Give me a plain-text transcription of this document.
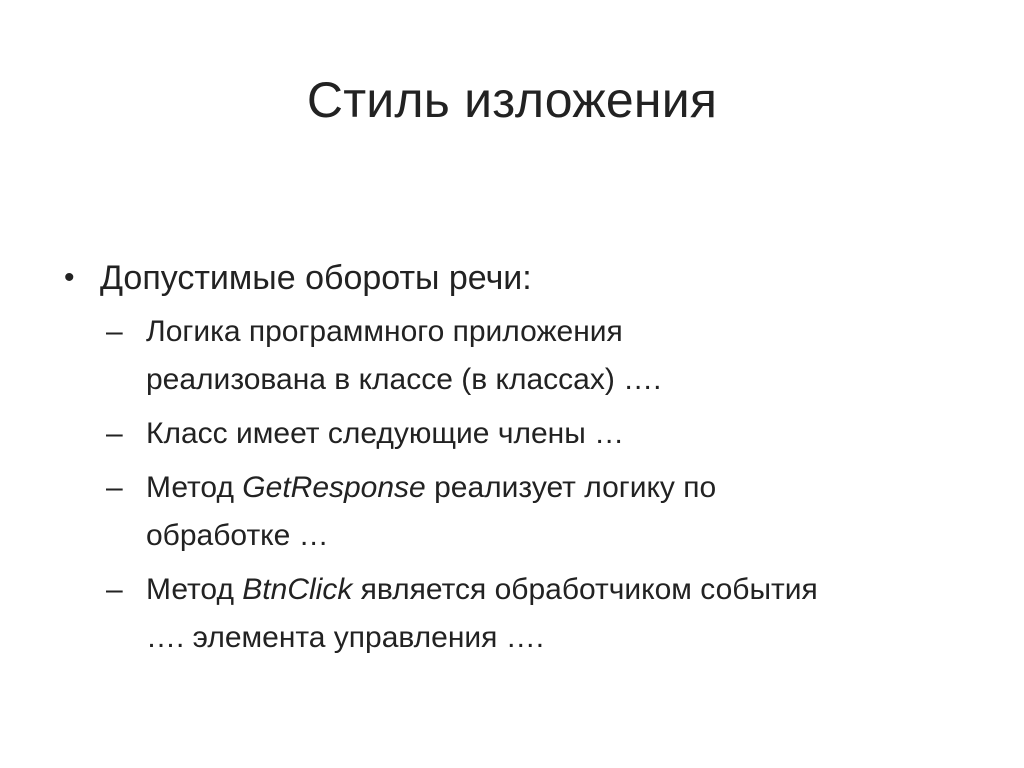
Стиль изложения
• Допустимые обороты речи:
– Логика программного приложения
реализована в классе (в классах) ….
– Класс имеет следующие члены …
– Метод GetResponse реализует логику по
обработке …
– Метод BtnClick является обработчиком события
…. элемента управления ….
